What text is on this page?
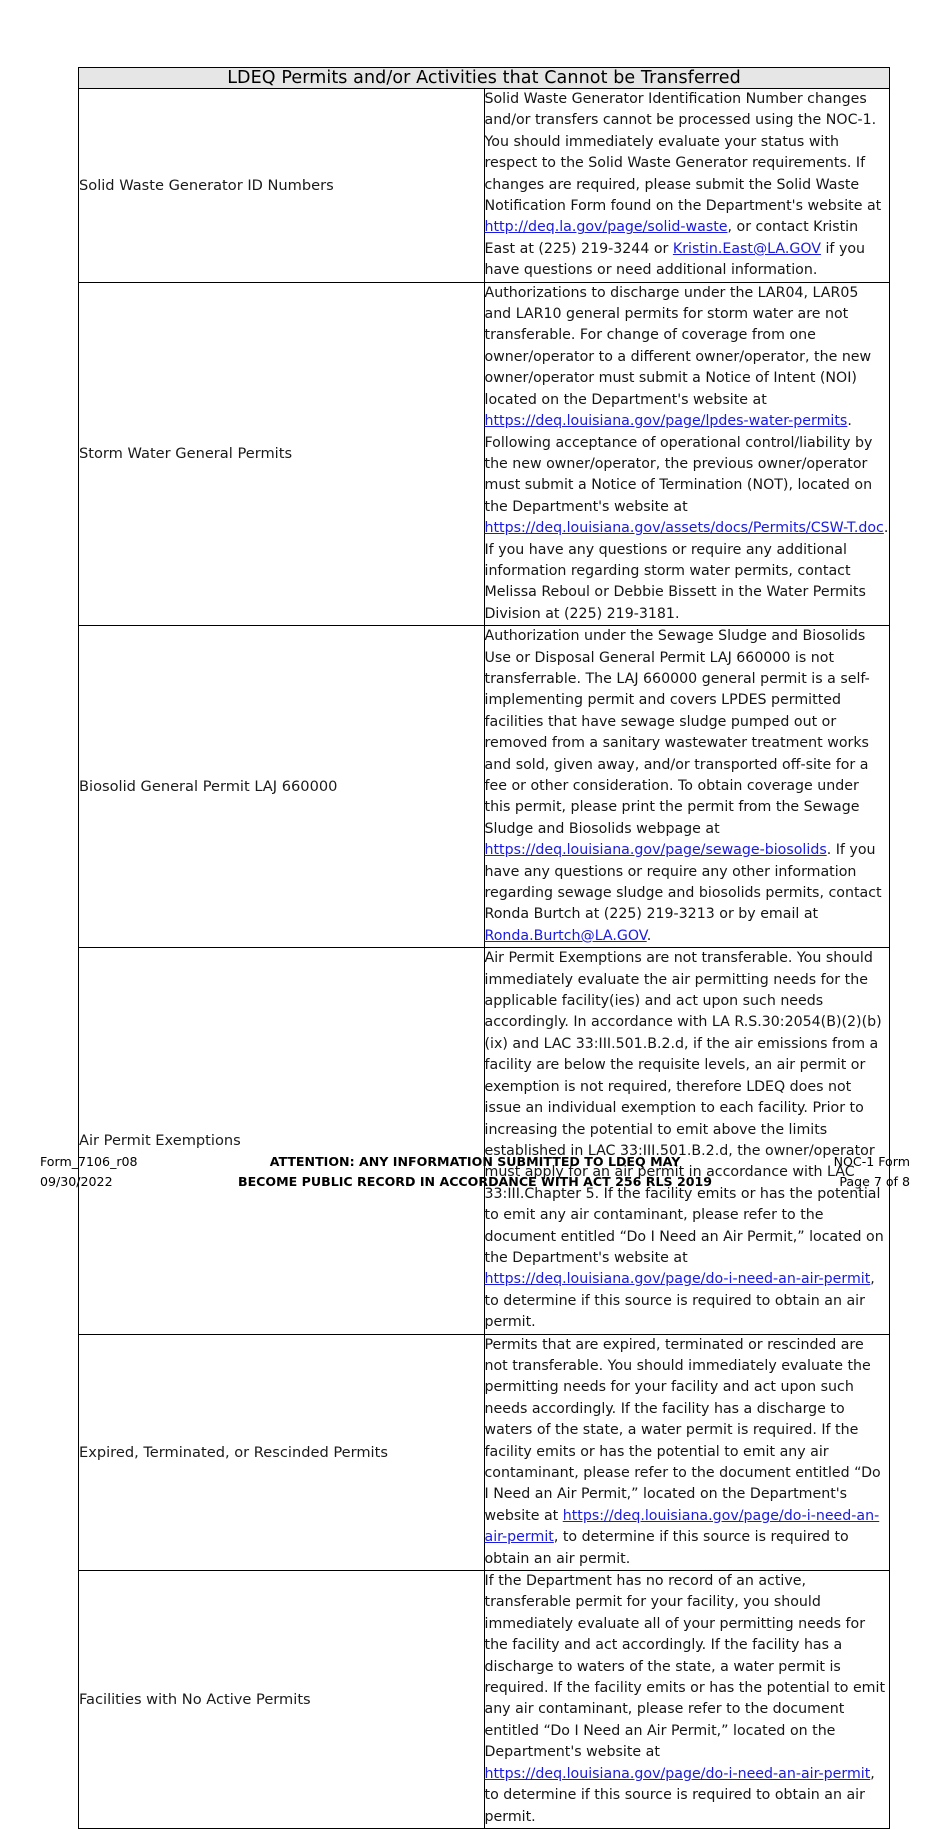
LDEQ Permits and/or Activities that Cannot be Transferred	
Solid Waste Generator ID Numbers	Solid Waste Generator Identification Number changes and/or transfers cannot be processed using the NOC-1. You should immediately evaluate your status with respect to the Solid Waste Generator requirements. If changes are required, please submit the Solid Waste Notification Form found on the Department's website at http://deq.la.gov/page/solid-waste, or contact Kristin East at (225) 219-3244 or Kristin.East@LA.GOV if you have questions or need additional information.

Storm Water General Permits	Authorizations to discharge under the LAR04, LAR05 and LAR10 general permits for storm water are not transferable. For change of coverage from one owner/operator to a different owner/operator, the new owner/operator must submit a Notice of Intent (NOI) located on the Department's website at https://deq.louisiana.gov/page/lpdes-water-permits. Following acceptance of operational control/liability by the new owner/operator, the previous owner/operator must submit a Notice of Termination (NOT), located on the Department's website at https://deq.louisiana.gov/assets/docs/Permits/CSW-T.doc. If you have any questions or require any additional information regarding storm water permits, contact Melissa Reboul or Debbie Bissett in the Water Permits Division at (225) 219-3181.

Biosolid General Permit LAJ 660000	Authorization under the Sewage Sludge and Biosolids Use or Disposal General Permit LAJ 660000 is not transferrable. The LAJ 660000 general permit is a self-implementing permit and covers LPDES permitted facilities that have sewage sludge pumped out or removed from a sanitary wastewater treatment works and sold, given away, and/or transported off-site for a fee or other consideration. To obtain coverage under this permit, please print the permit from the Sewage Sludge and Biosolids webpage at https://deq.louisiana.gov/page/sewage-biosolids. If you have any questions or require any other information regarding sewage sludge and biosolids permits, contact Ronda Burtch at (225) 219-3213 or by email at Ronda.Burtch@LA.GOV.

Air Permit Exemptions	Air Permit Exemptions are not transferable. You should immediately evaluate the air permitting needs for the applicable facility(ies) and act upon such needs accordingly. In accordance with LA R.S.30:2054(B)(2)(b)(ix) and LAC 33:III.501.B.2.d, if the air emissions from a facility are below the requisite levels, an air permit or exemption is not required, therefore LDEQ does not issue an individual exemption to each facility. Prior to increasing the potential to emit above the limits established in LAC 33:III.501.B.2.d, the owner/operator must apply for an air permit in accordance with LAC 33:III.Chapter 5. If the facility emits or has the potential to emit any air contaminant, please refer to the document entitled “Do I Need an Air Permit,” located on the Department's website at https://deq.louisiana.gov/page/do-i-need-an-air-permit, to determine if this source is required to obtain an air permit.

Expired, Terminated, or Rescinded Permits	Permits that are expired, terminated or rescinded are not transferable. You should immediately evaluate the permitting needs for your facility and act upon such needs accordingly. If the facility has a discharge to waters of the state, a water permit is required. If the facility emits or has the potential to emit any air contaminant, please refer to the document entitled “Do I Need an Air Permit,” located on the Department's website at https://deq.louisiana.gov/page/do-i-need-an-air-permit, to determine if this source is required to obtain an air permit.

Facilities with No Active Permits	If the Department has no record of an active, transferable permit for your facility, you should immediately evaluate all of your permitting needs for the facility and act accordingly. If the facility has a discharge to waters of the state, a water permit is required. If the facility emits or has the potential to emit any air contaminant, please refer to the document entitled “Do I Need an Air Permit,” located on the Department's website at https://deq.louisiana.gov/page/do-i-need-an-air-permit, to determine if this source is required to obtain an air permit.

Form_7106_r08	ATTENTION: ANY INFORMATION SUBMITTED TO LDEQ MAY	NOC-1 Form
09/30/2022	BECOME PUBLIC RECORD IN ACCORDANCE WITH ACT 256 RLS 2019	Page 7 of 8
